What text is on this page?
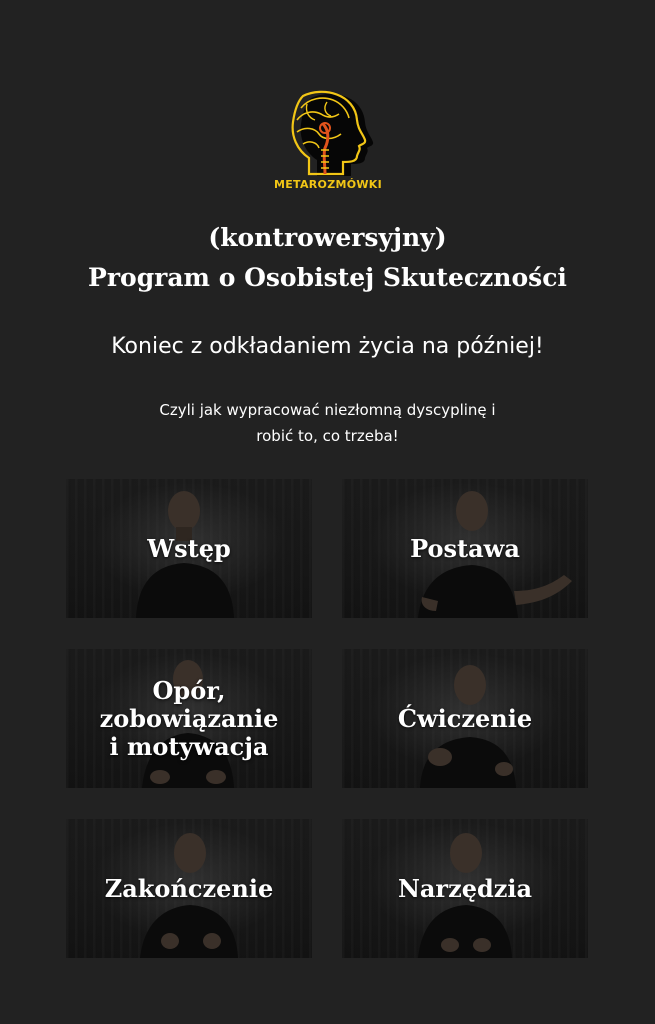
METAROZMÓWKI
(kontrowersyjny)
Program o Osobistej Skuteczności
Koniec z odkładaniem życia na później!
Czyli jak wypracować niezłomną dyscyplinę i
robić to, co trzeba!
Wstęp	Postawa
Opór,
zobowiązanie
i motywacja
Ćwiczenie
Zakończenie	Narzędzia
